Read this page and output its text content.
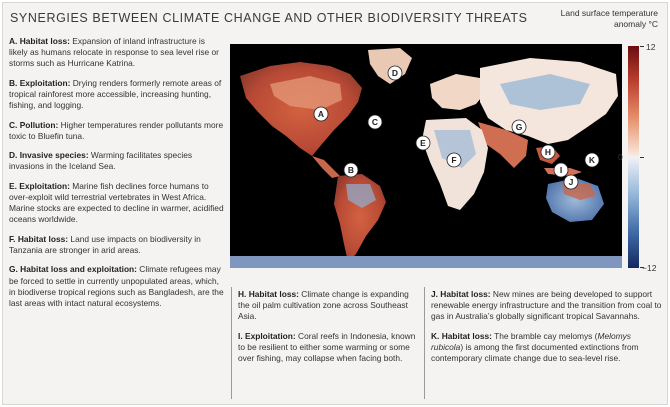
SYNERGIES BETWEEN CLIMATE CHANGE AND OTHER BIODIVERSITY THREATS	Land surface temperature
anomaly °C
A. Habitat loss: Expansion of inland infrastructure is likely as humans relocate in response to sea level rise or storms such as Hurricane Katrina.
B. Exploitation: Drying renders formerly remote areas of tropical rainforest more accessible, increasing hunting, fishing, and logging.
C. Pollution: Higher temperatures render pollutants more toxic to Bluefin tuna.
D. Invasive species: Warming facilitates species invasions in the Iceland Sea.
E. Exploitation: Marine fish declines force humans to over-exploit wild terrestrial vertebrates in West Africa. Marine stocks are expected to decline in warmer, acidified oceans worldwide.
F. Habitat loss: Land use impacts on biodiversity in Tanzania are stronger in arid areas.
G. Habitat loss and exploitation: Climate refugees may be forced to settle in currently unpopulated areas, which, in biodiverse tropical regions such as Bangladesh, are the last areas with intact natural ecosystems.
A
B
C
D
E
F
G
H
I
J
K
12
0
−12
H. Habitat loss: Climate change is expanding the oil palm cultivation zone across Southeast Asia.
I. Exploitation: Coral reefs in Indonesia, known to be resilient to either some warming or some over fishing, may collapse when facing both.
J. Habitat loss: New mines are being developed to support renewable energy infrastructure and the transition from coal to gas in Australia’s globally significant tropical Savannahs.
K. Habitat loss: The bramble cay melomys (Melomys rubicola) is among the first documented extinctions from contemporary climate change due to sea-level rise.
